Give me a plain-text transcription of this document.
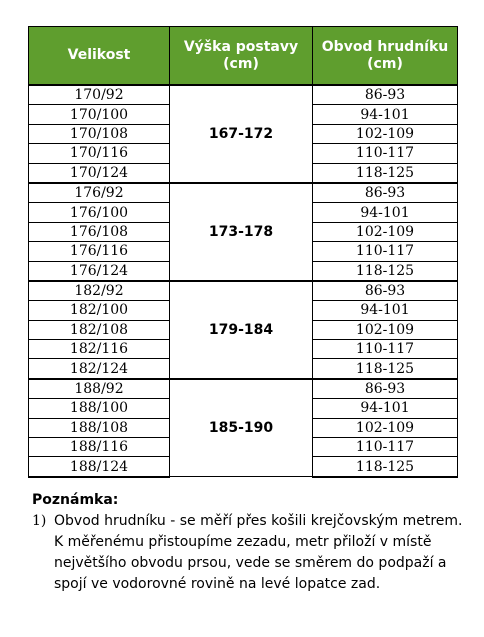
Velikost	Výška postavy (cm)	Obvod hrudníku (cm)
170/92	167-172	86-93
170/100		94-101
170/108		102-109
170/116		110-117
170/124		118-125
176/92	173-178	86-93
176/100		94-101
176/108		102-109
176/116		110-117
176/124		118-125
182/92	179-184	86-93
182/100		94-101
182/108		102-109
182/116		110-117
182/124		118-125
188/92	185-190	86-93
188/100		94-101
188/108		102-109
188/116		110-117
188/124		118-125

Poznámka:

1) Obvod hrudníku - se měří přes košili krejčovským metrem. K měřenému přistoupíme zezadu, metr přiloží v místě největšího obvodu prsou, vede se směrem do podpaží a spojí ve vodorovné rovině na levé lopatce zad.
